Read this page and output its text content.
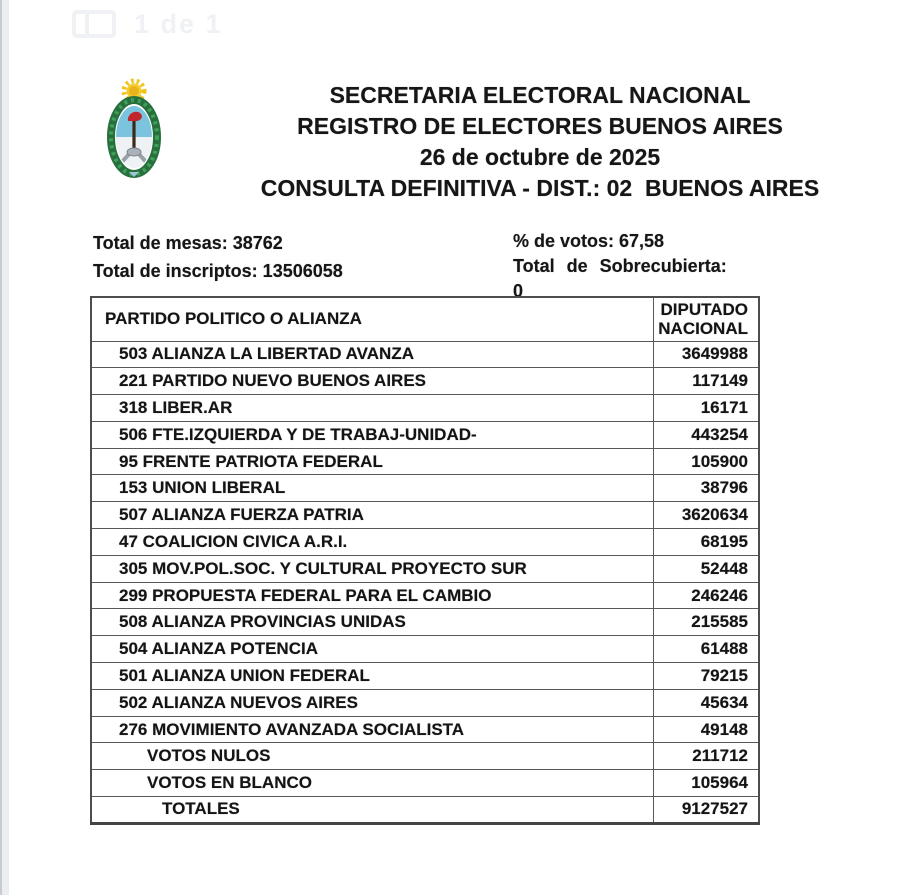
1 de 1
SECRETARIA ELECTORAL NACIONAL
REGISTRO DE ELECTORES BUENOS AIRES
26 de octubre de 2025
CONSULTA DEFINITIVA - DIST.: 02  BUENOS AIRES
Total de mesas: 38762
Total de inscriptos: 13506058
% de votos: 67,58
Total de Sobrecubierta:
0
PARTIDO POLITICO O ALIANZA	DIPUTADO
NACIONAL
503 ALIANZA LA LIBERTAD AVANZA	3649988
221 PARTIDO NUEVO BUENOS AIRES	117149
318 LIBER.AR	16171
506 FTE.IZQUIERDA Y DE TRABAJ-UNIDAD-	443254
95 FRENTE PATRIOTA FEDERAL	105900
153 UNION LIBERAL	38796
507 ALIANZA FUERZA PATRIA	3620634
47 COALICION CIVICA A.R.I.	68195
305 MOV.POL.SOC. Y CULTURAL PROYECTO SUR	52448
299 PROPUESTA FEDERAL PARA EL CAMBIO	246246
508 ALIANZA PROVINCIAS UNIDAS	215585
504 ALIANZA POTENCIA	61488
501 ALIANZA UNION FEDERAL	79215
502 ALIANZA NUEVOS AIRES	45634
276 MOVIMIENTO AVANZADA SOCIALISTA	49148
VOTOS NULOS	211712
VOTOS EN BLANCO	105964
TOTALES	9127527
